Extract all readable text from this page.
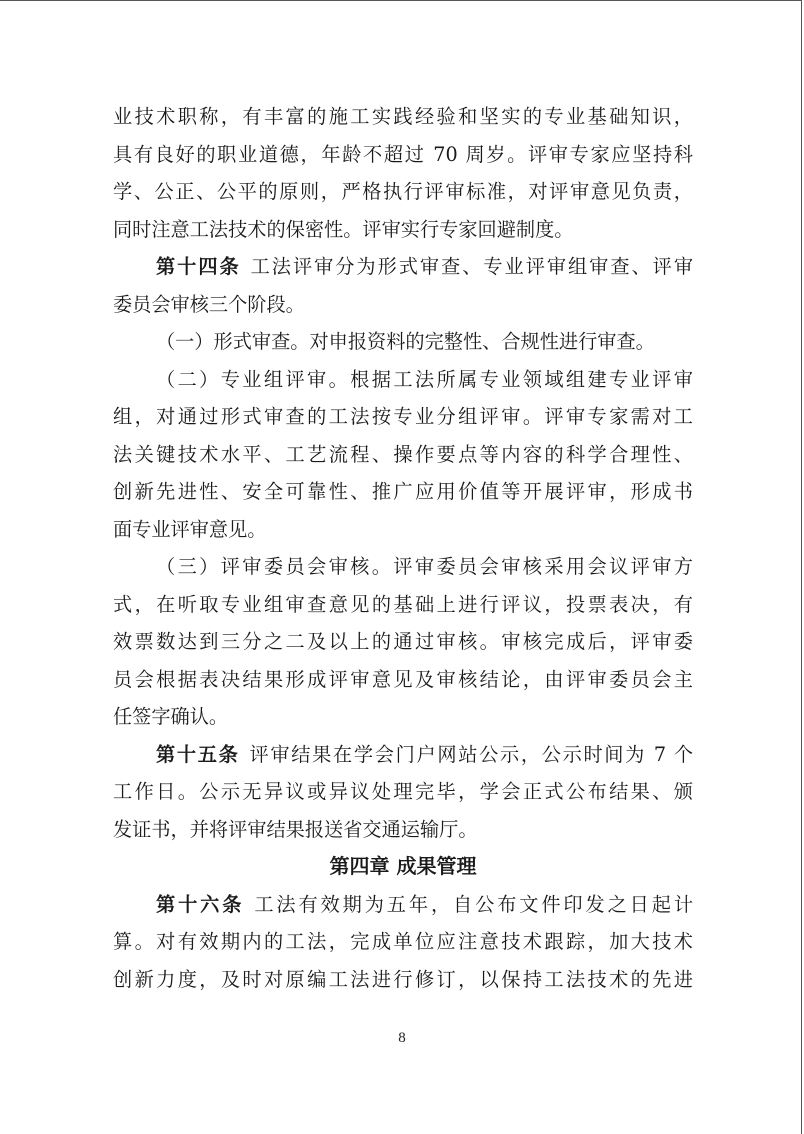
业技术职称，有丰富的施工实践经验和坚实的专业基础知识，
具有良好的职业道德，年龄不超过 70 周岁。评审专家应坚持科
学、公正、公平的原则，严格执行评审标准，对评审意见负责，
同时注意工法技术的保密性。评审实行专家回避制度。
第十四条 工法评审分为形式审查、专业评审组审查、评审
委员会审核三个阶段。
（一）形式审查。对申报资料的完整性、合规性进行审查。
（二）专业组评审。根据工法所属专业领域组建专业评审
组，对通过形式审查的工法按专业分组评审。评审专家需对工
法关键技术水平、工艺流程、操作要点等内容的科学合理性、
创新先进性、安全可靠性、推广应用价值等开展评审，形成书
面专业评审意见。
（三）评审委员会审核。评审委员会审核采用会议评审方
式，在听取专业组审查意见的基础上进行评议，投票表决，有
效票数达到三分之二及以上的通过审核。审核完成后，评审委
员会根据表决结果形成评审意见及审核结论，由评审委员会主
任签字确认。
第十五条 评审结果在学会门户网站公示，公示时间为 7 个
工作日。公示无异议或异议处理完毕，学会正式公布结果、颁
发证书，并将评审结果报送省交通运输厅。
第四章 成果管理
第十六条 工法有效期为五年，自公布文件印发之日起计
算。对有效期内的工法，完成单位应注意技术跟踪，加大技术
创新力度，及时对原编工法进行修订，以保持工法技术的先进
8
